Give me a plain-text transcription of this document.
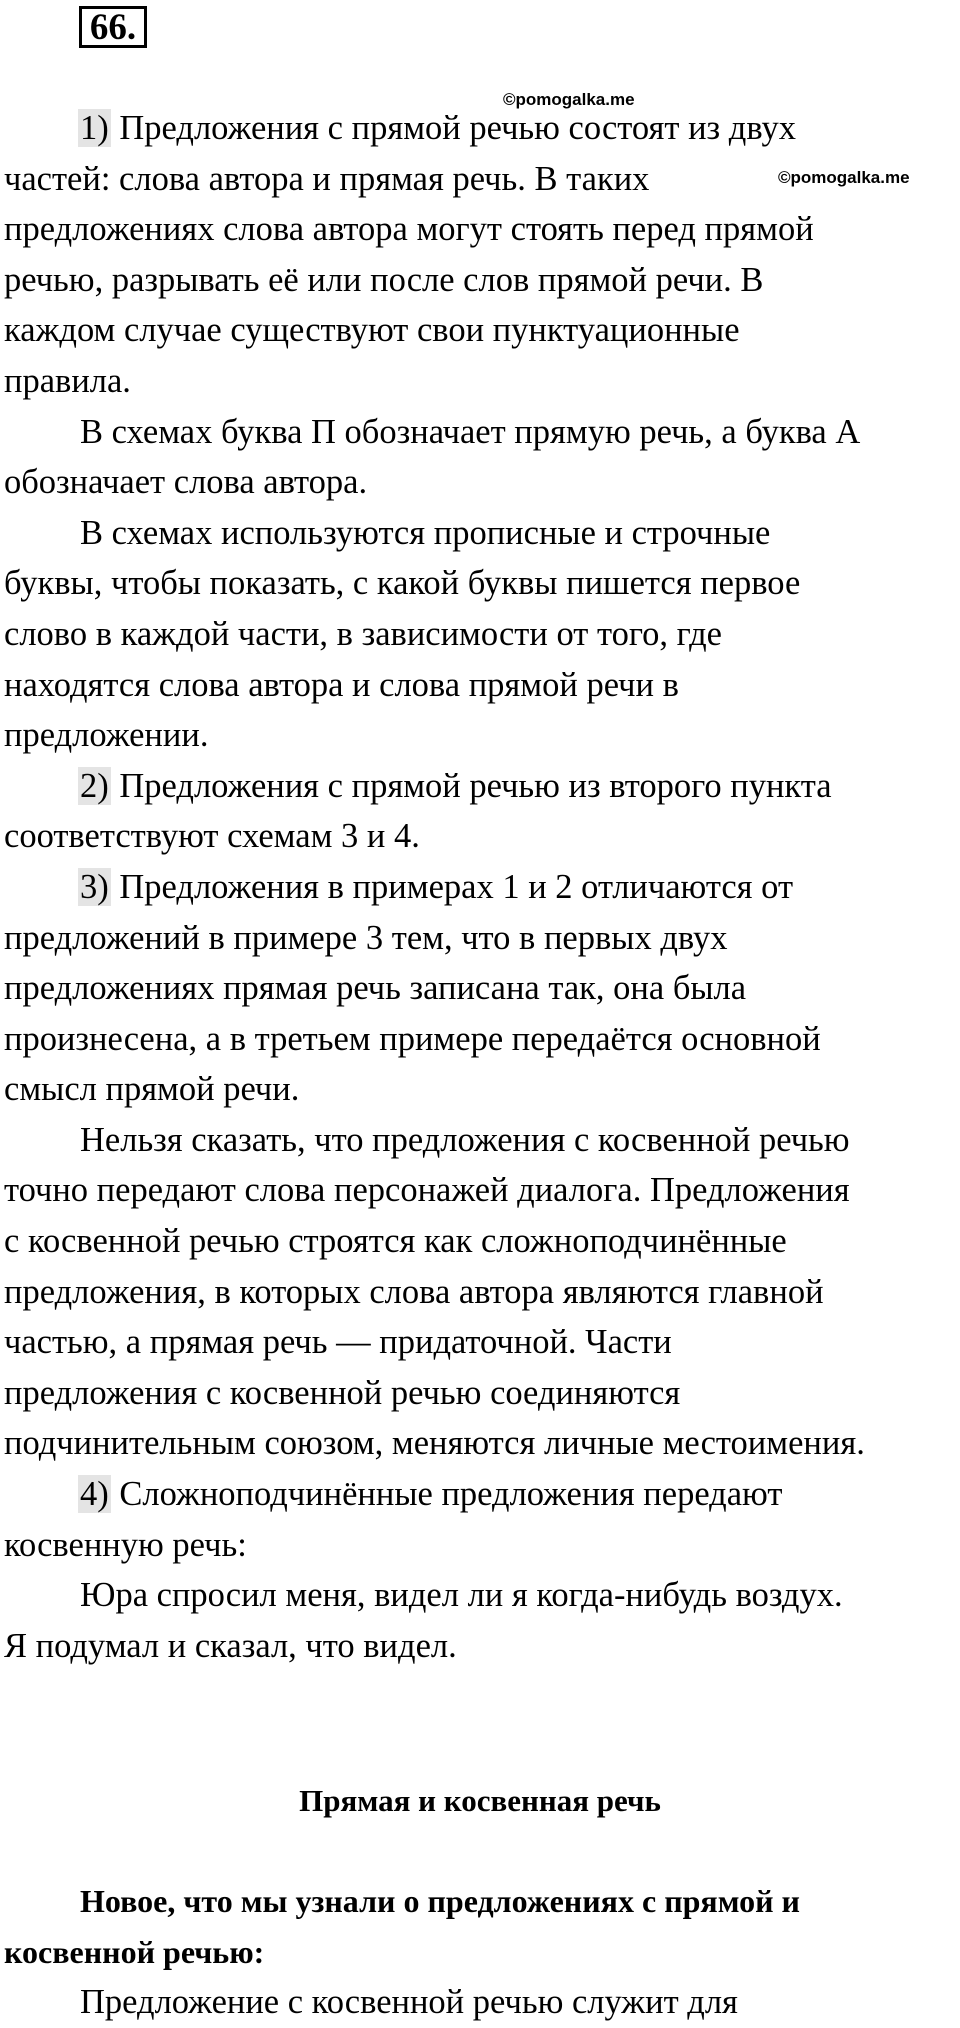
66.
©pomogalka.me
©pomogalka.me

1) Предложения с прямой речью состоят из двух

частей: слова автора и прямая речь. В таких

предложениях слова автора могут стоять перед прямой

речью, разрывать её или после слов прямой речи. В

каждом случае существуют свои пунктуационные

правила.

В схемах буква П обозначает прямую речь, а буква А

обозначает слова автора.

В схемах используются прописные и строчные

буквы, чтобы показать, с какой буквы пишется первое

слово в каждой части, в зависимости от того, где

находятся слова автора и слова прямой речи в

предложении.

2) Предложения с прямой речью из второго пункта

соответствуют схемам 3 и 4.

3) Предложения в примерах 1 и 2 отличаются от

предложений в примере 3 тем, что в первых двух

предложениях прямая речь записана так, она была

произнесена, а в третьем примере передаётся основной

смысл прямой речи.

Нельзя сказать, что предложения с косвенной речью

точно передают слова персонажей диалога. Предложения

с косвенной речью строятся как сложноподчинённые

предложения, в которых слова автора являются главной

частью, а прямая речь — придаточной. Части

предложения с косвенной речью соединяются

подчинительным союзом, меняются личные местоимения.

4) Сложноподчинённые предложения передают

косвенную речь:

Юра спросил меня, видел ли я когда-нибудь воздух.

Я подумал и сказал, что видел.

Прямая и косвенная речь

Новое, что мы узнали о предложениях с прямой и

косвенной речью:

Предложение с косвенной речью служит для
